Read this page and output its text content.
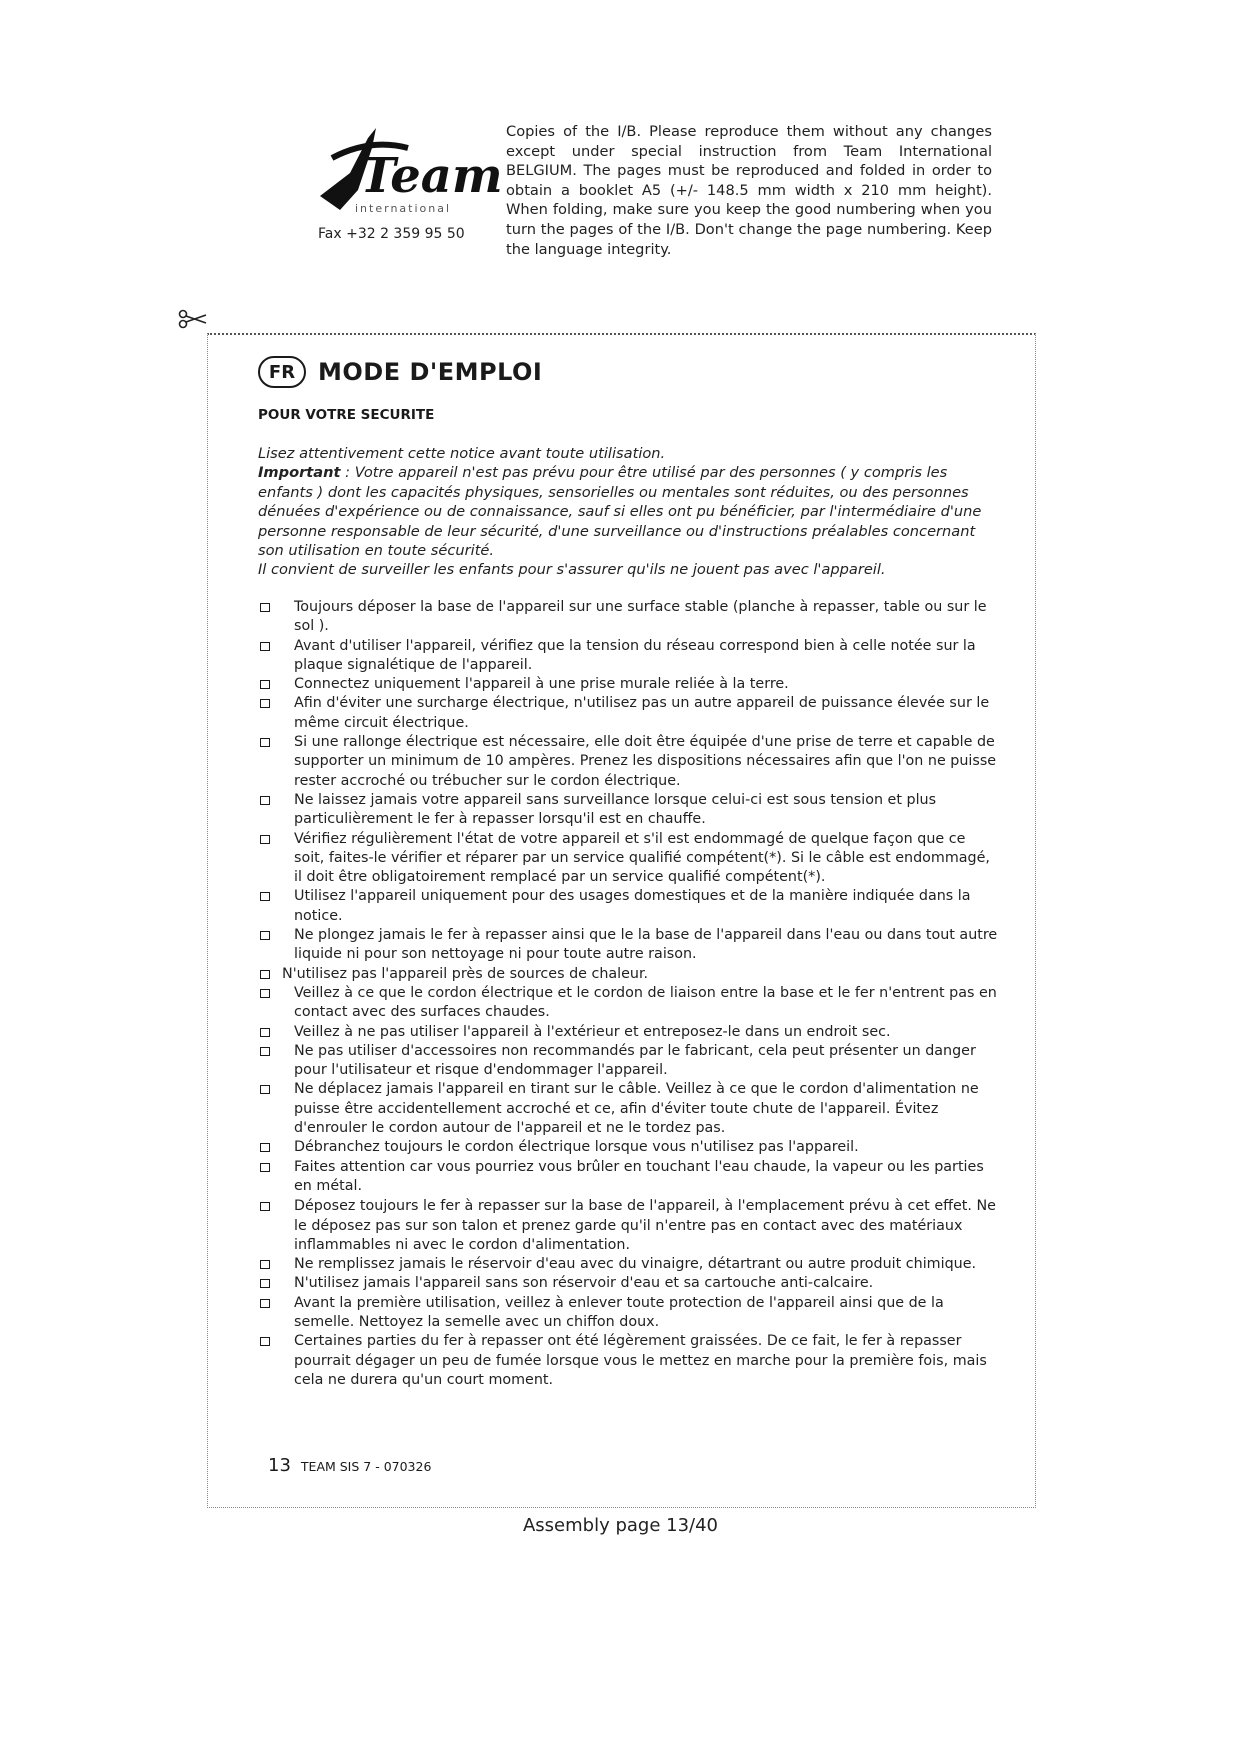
Team
international
Fax +32 2 359 95 50
Copies of the I/B. Please reproduce them without any changes except under special instruction from Team International BELGIUM. The pages must be reproduced and folded in order to obtain a booklet A5 (+/- 148.5 mm width x 210 mm height). When folding, make sure you keep the good numbering when you turn the pages of the I/B. Don't change the page numbering. Keep the language integrity.
FR MODE D'EMPLOI
POUR VOTRE SECURITE

Lisez attentivement cette notice avant toute utilisation.

Important : Votre appareil n'est pas prévu pour être utilisé par des personnes ( y compris les enfants ) dont les capacités physiques, sensorielles ou mentales sont réduites, ou des personnes dénuées d'expérience ou de connaissance, sauf si elles ont pu bénéficier, par l'intermédiaire d'une personne responsable de leur sécurité, d'une surveillance ou d'instructions préalables concernant son utilisation en toute sécurité.

Il convient de surveiller les enfants pour s'assurer qu'ils ne jouent pas avec l'appareil.

Toujours déposer la base de l'appareil sur une surface stable (planche à repasser, table ou sur le sol ).
Avant d'utiliser l'appareil, vérifiez que la tension du réseau correspond bien à celle notée sur la plaque signalétique de l'appareil.
Connectez uniquement l'appareil à une prise murale reliée à la terre.
Afin d'éviter une surcharge électrique, n'utilisez pas un autre appareil de puissance élevée sur le même circuit électrique.
Si une rallonge électrique est nécessaire, elle doit être équipée d'une prise de terre et capable de supporter un minimum de 10 ampères. Prenez les dispositions nécessaires afin que l'on ne puisse rester accroché ou trébucher sur le cordon électrique.
Ne laissez jamais votre appareil sans surveillance lorsque celui-ci est sous tension et plus particulièrement le fer à repasser lorsqu'il est en chauffe.
Vérifiez régulièrement l'état de votre appareil et s'il est endommagé de quelque façon que ce soit, faites-le vérifier et réparer par un service qualifié compétent(*). Si le câble est endommagé, il doit être obligatoirement remplacé par un service qualifié compétent(*).
Utilisez l'appareil uniquement pour des usages domestiques et de la manière indiquée dans la notice.
Ne plongez jamais le fer à repasser ainsi que le la base de l'appareil dans l'eau ou dans tout autre liquide ni pour son nettoyage ni pour toute autre raison.
N'utilisez pas l'appareil près de sources de chaleur.
Veillez à ce que le cordon électrique et le cordon de liaison entre la base et le fer n'entrent pas en contact avec des surfaces chaudes.
Veillez à ne pas utiliser l'appareil à l'extérieur et entreposez-le dans un endroit sec.
Ne pas utiliser d'accessoires non recommandés par le fabricant, cela peut présenter un danger pour l'utilisateur et risque d'endommager l'appareil.
Ne déplacez jamais l'appareil en tirant sur le câble. Veillez à ce que le cordon d'alimentation ne puisse être accidentellement accroché et ce, afin d'éviter toute chute de l'appareil. Évitez d'enrouler le cordon autour de l'appareil et ne le tordez pas.
Débranchez toujours le cordon électrique lorsque vous n'utilisez pas l'appareil.
Faites attention car vous pourriez vous brûler en touchant l'eau chaude, la vapeur ou les parties en métal.
Déposez toujours le fer à repasser sur la base de l'appareil, à l'emplacement prévu à cet effet. Ne le déposez pas sur son talon et prenez garde qu'il n'entre pas en contact avec des matériaux inflammables ni avec le cordon d'alimentation.
Ne remplissez jamais le réservoir d'eau avec du vinaigre, détartrant ou autre produit chimique.
N'utilisez jamais l'appareil sans son réservoir d'eau et sa cartouche anti-calcaire.
Avant la première utilisation, veillez à enlever toute protection de l'appareil ainsi que de la semelle. Nettoyez la semelle avec un chiffon doux.
Certaines parties du fer à repasser ont été légèrement graissées. De ce fait, le fer à repasser pourrait dégager un peu de fumée lorsque vous le mettez en marche pour la première fois, mais cela ne durera qu'un court moment.
13 TEAM SIS 7 - 070326
Assembly page 13/40
